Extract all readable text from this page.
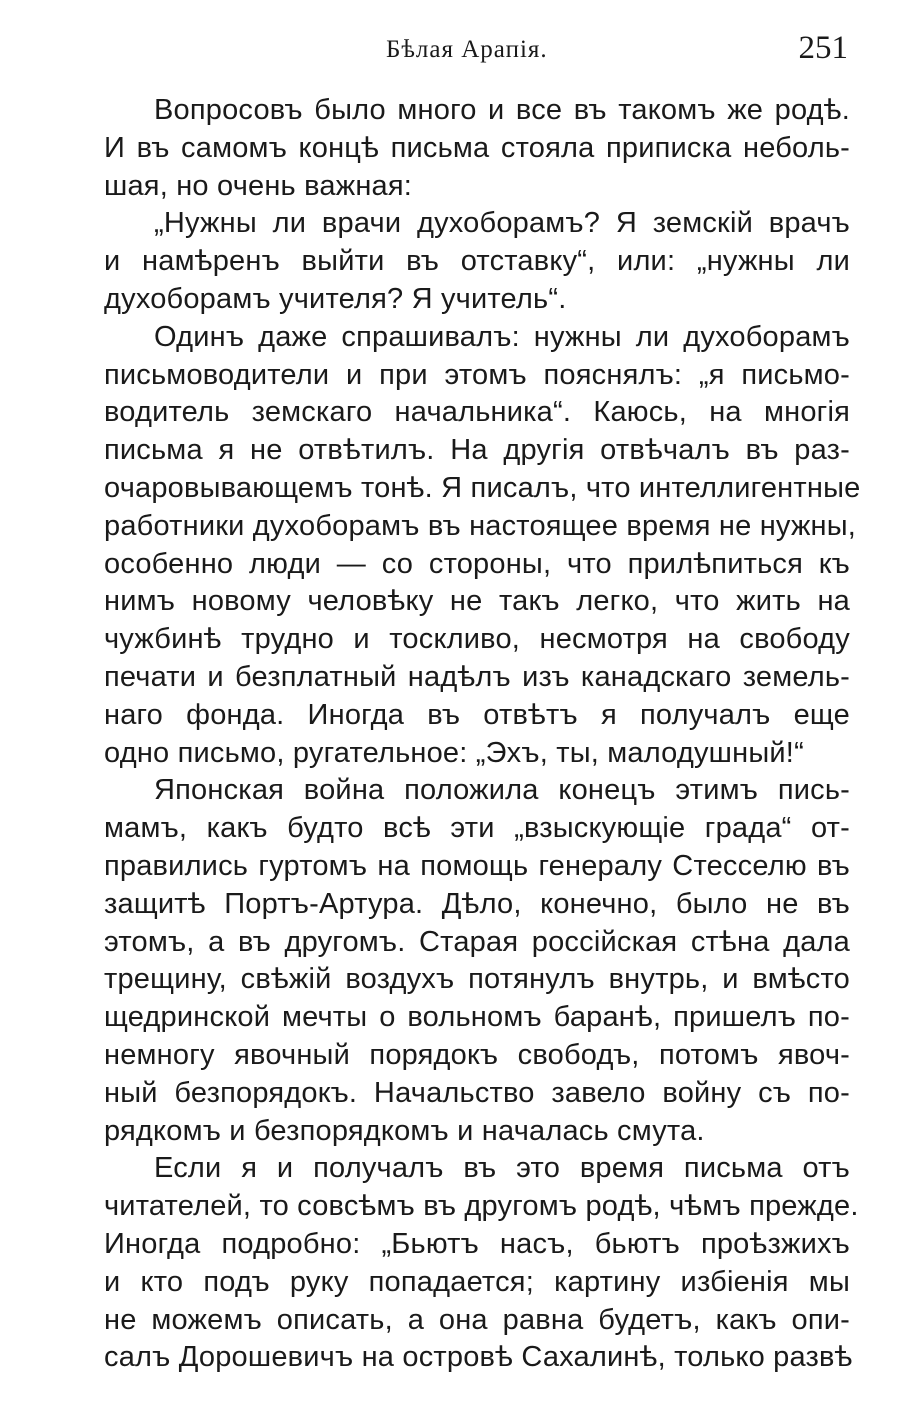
Бѣлая Арапія.	251
Вопросовъ было много и все въ такомъ же родѣ.
И въ самомъ концѣ письма стояла приписка неболь-
шая, но очень важная:
„Нужны ли врачи духоборамъ? Я земскій врачъ
и намѣренъ выйти въ отставку“, или: „нужны ли
духоборамъ учителя? Я учитель“.
Одинъ даже спрашивалъ: нужны ли духоборамъ
письмоводители и при этомъ пояснялъ: „я письмо-
водитель земскаго начальника“. Каюсь, на многія
письма я не отвѣтилъ. На другія отвѣчалъ въ раз-
очаровывающемъ тонѣ. Я писалъ, что интеллигентные
работники духоборамъ въ настоящее время не нужны,
особенно люди — со стороны, что прилѣпиться къ
нимъ новому человѣку не такъ легко, что жить на
чужбинѣ трудно и тоскливо, несмотря на свободу
печати и безплатный надѣлъ изъ канадскаго земель-
наго фонда. Иногда въ отвѣтъ я получалъ еще
одно письмо, ругательное: „Эхъ, ты, малодушный!“
Японская война положила конецъ этимъ пись-
мамъ, какъ будто всѣ эти „взыскующіе града“ от-
правились гуртомъ на помощь генералу Стесселю въ
защитѣ Портъ-Артура. Дѣло, конечно, было не въ
этомъ, а въ другомъ. Старая россійская стѣна дала
трещину, свѣжій воздухъ потянулъ внутрь, и вмѣсто
щедринской мечты о вольномъ баранѣ, пришелъ по-
немногу явочный порядокъ свободъ, потомъ явоч-
ный безпорядокъ. Начальство завело войну съ по-
рядкомъ и безпорядкомъ и началась смута.
Если я и получалъ въ это время письма отъ
читателей, то совсѣмъ въ другомъ родѣ, чѣмъ прежде.
Иногда подробно: „Бьютъ насъ, бьютъ проѣзжихъ
и кто подъ руку попадается; картину избіенія мы
не можемъ описать, а она равна будетъ, какъ опи-
салъ Дорошевичъ на островѣ Сахалинѣ, только развѣ
